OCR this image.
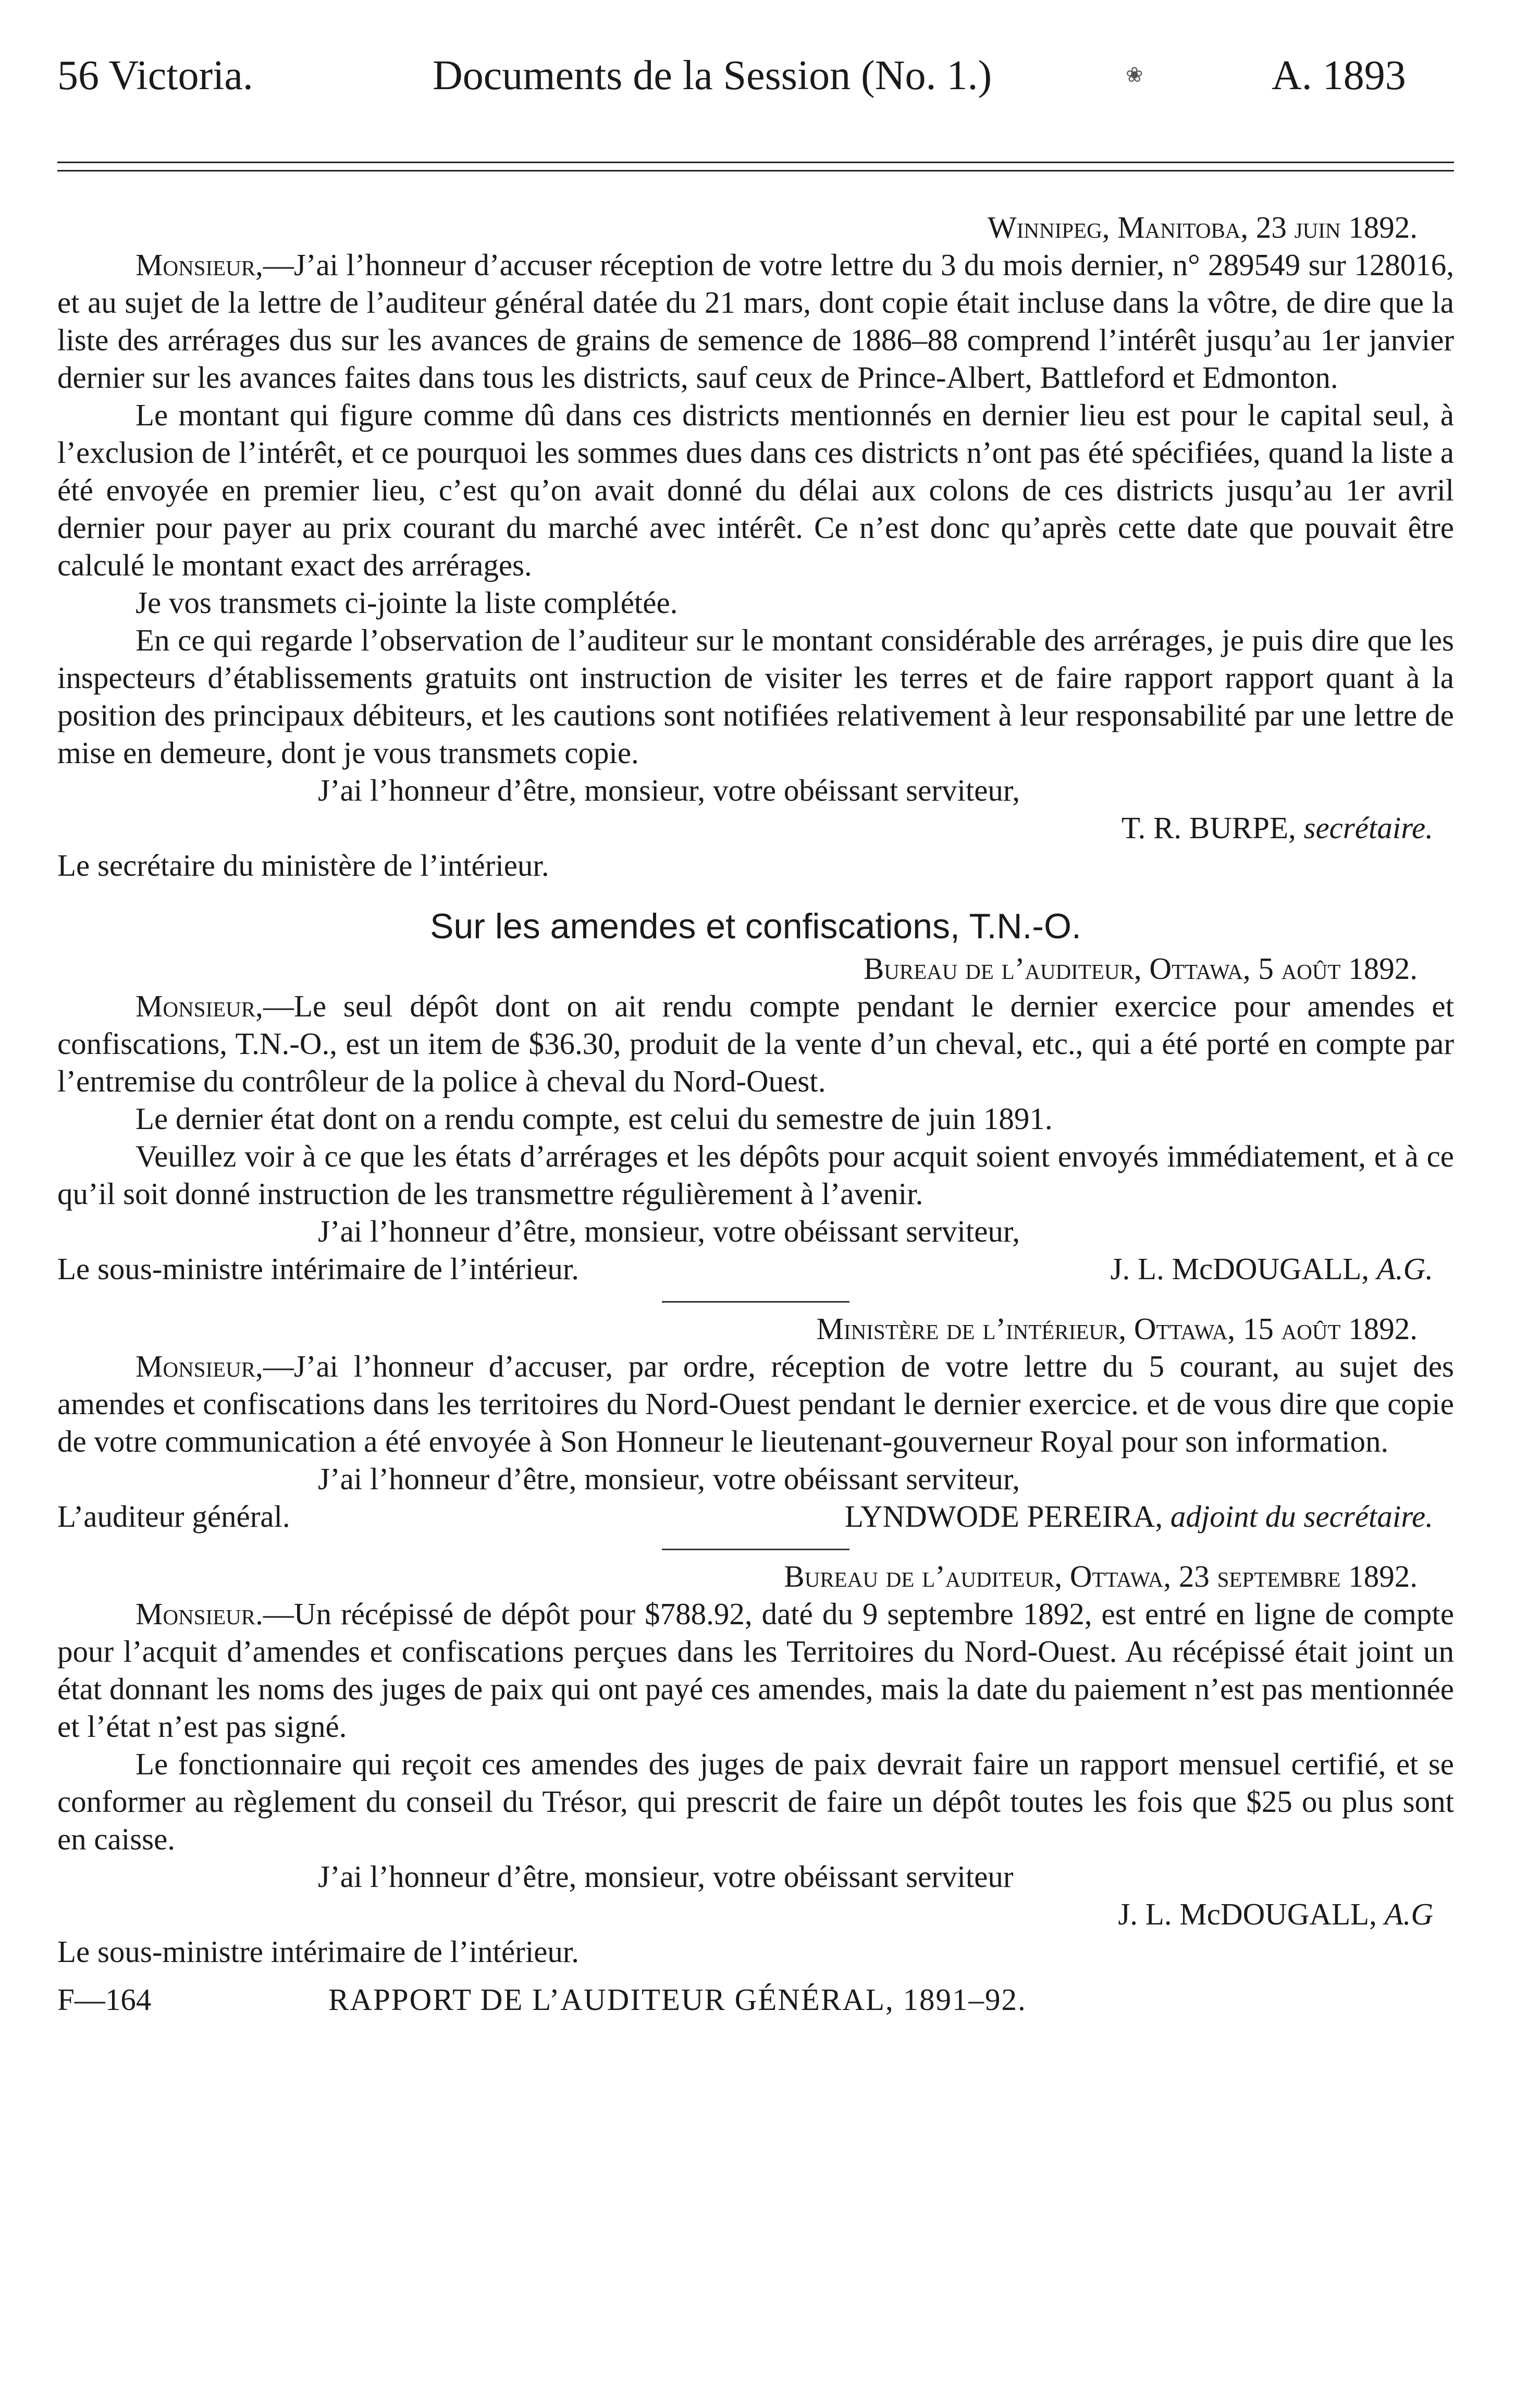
56 Victoria.	Documents de la Session (No. 1.)	❀	A. 1893

Winnipeg, Manitoba, 23 juin 1892.

Monsieur,—J’ai l’honneur d’accuser réception de votre lettre du 3 du mois dernier, n° 289549 sur 128016, et au sujet de la lettre de l’auditeur général datée du 21 mars, dont copie était incluse dans la vôtre, de dire que la liste des arrérages dus sur les avances de grains de semence de 1886–88 comprend l’intérêt jusqu’au 1er janvier dernier sur les avances faites dans tous les districts, sauf ceux de Prince-Albert, Battleford et Edmonton.

Le montant qui figure comme dû dans ces districts mentionnés en dernier lieu est pour le capital seul, à l’exclusion de l’intérêt, et ce pourquoi les sommes dues dans ces districts n’ont pas été spécifiées, quand la liste a été envoyée en premier lieu, c’est qu’on avait donné du délai aux colons de ces districts jusqu’au 1er avril dernier pour payer au prix courant du marché avec intérêt. Ce n’est donc qu’après cette date que pouvait être calculé le montant exact des arrérages.

Je vos transmets ci-jointe la liste complétée.

En ce qui regarde l’observation de l’auditeur sur le montant considérable des arrérages, je puis dire que les inspecteurs d’établissements gratuits ont instruction de visiter les terres et de faire rapport rapport quant à la position des principaux débiteurs, et les cautions sont notifiées relativement à leur responsabilité par une lettre de mise en demeure, dont je vous transmets copie.

J’ai l’honneur d’être, monsieur, votre obéissant serviteur,

T. R. BURPE, secrétaire.

Le secrétaire du ministère de l’intérieur.

Sur les amendes et confiscations, T.N.-O.

Bureau de l’auditeur, Ottawa, 5 août 1892.

Monsieur,—Le seul dépôt dont on ait rendu compte pendant le dernier exercice pour amendes et confiscations, T.N.-O., est un item de $36.30, produit de la vente d’un cheval, etc., qui a été porté en compte par l’entremise du contrôleur de la police à cheval du Nord-Ouest.

Le dernier état dont on a rendu compte, est celui du semestre de juin 1891.

Veuillez voir à ce que les états d’arrérages et les dépôts pour acquit soient envoyés immédiatement, et à ce qu’il soit donné instruction de les transmettre régulièrement à l’avenir.

J’ai l’honneur d’être, monsieur, votre obéissant serviteur,

Le sous-ministre intérimaire de l’intérieur.	J. L. McDOUGALL, A.G.

Ministère de l’intérieur, Ottawa, 15 août 1892.

Monsieur,—J’ai l’honneur d’accuser, par ordre, réception de votre lettre du 5 courant, au sujet des amendes et confiscations dans les territoires du Nord-Ouest pendant le dernier exercice. et de vous dire que copie de votre communication a été envoyée à Son Honneur le lieutenant-gouverneur Royal pour son information.

J’ai l’honneur d’être, monsieur, votre obéissant serviteur,

L’auditeur général.	LYNDWODE PEREIRA, adjoint du secrétaire.

Bureau de l’auditeur, Ottawa, 23 septembre 1892.

Monsieur.—Un récépissé de dépôt pour $788.92, daté du 9 septembre 1892, est entré en ligne de compte pour l’acquit d’amendes et confiscations perçues dans les Territoires du Nord-Ouest. Au récépissé était joint un état donnant les noms des juges de paix qui ont payé ces amendes, mais la date du paiement n’est pas mentionnée et l’état n’est pas signé.

Le fonctionnaire qui reçoit ces amendes des juges de paix devrait faire un rapport mensuel certifié, et se conformer au règlement du conseil du Trésor, qui prescrit de faire un dépôt toutes les fois que $25 ou plus sont en caisse.

J’ai l’honneur d’être, monsieur, votre obéissant serviteur

J. L. McDOUGALL, A.G

Le sous-ministre intérimaire de l’intérieur.

F—164	RAPPORT DE L’AUDITEUR GÉNÉRAL, 1891–92.
